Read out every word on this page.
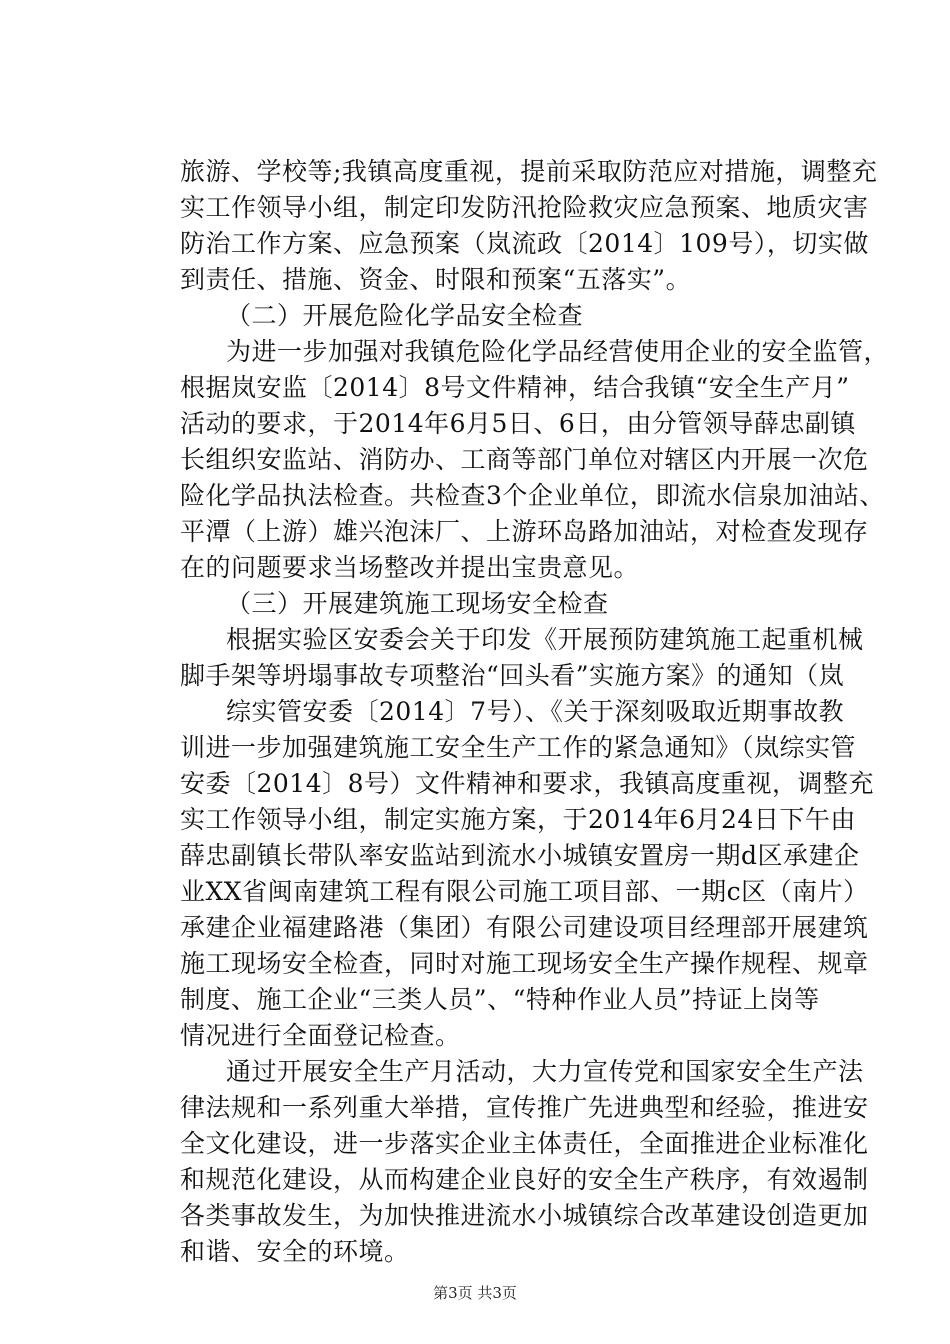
旅游、学校等;我镇高度重视，提前采取防范应对措施，调整充
实工作领导小组，制定印发防汛抢险救灾应急预案、地质灾害
防治工作方案、应急预案（岚流政〔2014〕109号），切实做
到责任、措施、资金、时限和预案“五落实”。
（二）开展危险化学品安全检查
为进一步加强对我镇危险化学品经营使用企业的安全监管，
根据岚安监〔2014〕8号文件精神，结合我镇“安全生产月”
活动的要求，于2014年6月5日、6日，由分管领导薛忠副镇
长组织安监站、消防办、工商等部门单位对辖区内开展一次危
险化学品执法检查。共检查3个企业单位，即流水信泉加油站、
平潭（上游）雄兴泡沫厂、上游环岛路加油站，对检查发现存
在的问题要求当场整改并提出宝贵意见。
（三）开展建筑施工现场安全检查
根据实验区安委会关于印发《开展预防建筑施工起重机械
脚手架等坍塌事故专项整治“回头看”实施方案》的通知（岚
综实管安委〔2014〕7号）、《关于深刻吸取近期事故教
训进一步加强建筑施工安全生产工作的紧急通知》（岚综实管
安委〔2014〕8号）文件精神和要求，我镇高度重视，调整充
实工作领导小组，制定实施方案，于2014年6月24日下午由
薛忠副镇长带队率安监站到流水小城镇安置房一期d区承建企
业XX省闽南建筑工程有限公司施工项目部、一期c区（南片）
承建企业福建路港（集团）有限公司建设项目经理部开展建筑
施工现场安全检查，同时对施工现场安全生产操作规程、规章
制度、施工企业“三类人员”、“特种作业人员”持证上岗等
情况进行全面登记检查。
通过开展安全生产月活动，大力宣传党和国家安全生产法
律法规和一系列重大举措，宣传推广先进典型和经验，推进安
全文化建设，进一步落实企业主体责任，全面推进企业标准化
和规范化建设，从而构建企业良好的安全生产秩序，有效遏制
各类事故发生，为加快推进流水小城镇综合改革建设创造更加
和谐、安全的环境。
第3页 共3页
